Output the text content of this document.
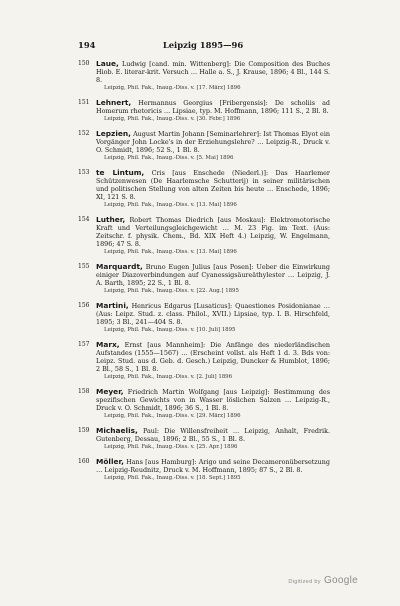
194	Leipzig 1895—96
150 Laue, Ludwig [cand. min. Wittenberg]: Die Composition des Buches Hiob. E. literar-krit. Versuch … Halle a. S., J. Krause, 1896; 4 Bl., 144 S. 8.
Leipzig, Phil. Fak., Inaug.-Diss. v. [17. März] 1896
151 Lehnert, Hermannus Georgius [Fribergensis]: De scholiis ad Homerum rhetoricis … Lipsiae, typ. M. Hoffmann, 1896; 111 S., 2 Bl. 8.
Leipzig, Phil. Fak., Inaug.-Diss. v. [30. Febr.] 1896
152 Lepzien, August Martin Johann [Seminarlehrer]: Ist Thomas Elyot ein Vorgänger John Locke's in der Erziehungslehre? … Leipzig-R., Druck v. O. Schmidt, 1896; 52 S., 1 Bl. 8.
Leipzig, Phil. Fak., Inaug.-Diss. v. [5. Mai] 1896
153 te Lintum, Cris [aus Enschede (Niederl.)]: Das Haarlemer Schützenwesen (De Haarlemsche Schutterij) in seiner militärischen und politischen Stellung von alten Zeiten bis heute … Enschede, 1896; XI, 121 S. 8.
Leipzig, Phil. Fak., Inaug.-Diss. v. [13. Mai] 1896
154 Luther, Robert Thomas Diedrich [aus Moskau]: Elektromotorische Kraft und Verteilungsgleichgewicht … M. 23 Fig. im Text. (Aus: Zeitschr. f. physik. Chem., Bd. XIX Heft 4.) Leipzig, W. Engelmann, 1896; 47 S. 8.
Leipzig, Phil. Fak., Inaug.-Diss. v. [13. Mai] 1896
155 Marquardt, Bruno Eugen Julius [aus Posen]: Ueber die Einwirkung einiger Diazoverbindungen auf Cyanessigsäureäthylester … Leipzig, J. A. Barth, 1895; 22 S., 1 Bl. 8.
Leipzig, Phil. Fak., Inaug.-Diss. v. [22. Aug.] 1895
156 Martini, Henricus Edgarus [Lusaticus]: Quaestiones Posidonianae … (Aus: Leipz. Stud. z. class. Philol., XVII.) Lipsiae, typ. I. B. Hirschfeld, 1895; 3 Bl., 241—404 S. 8.
Leipzig, Phil. Fak., Inaug.-Diss. v. [10. Juli] 1895
157 Marx, Ernst [aus Mannheim]: Die Anfänge des niederländischen Aufstandes (1555—1567) … (Erscheint vollst. als Heft 1 d. 3. Bds von: Leipz. Stud. aus d. Geb. d. Gesch.) Leipzig, Duncker & Humblot, 1896; 2 Bl., 58 S., 1 Bl. 8.
Leipzig, Phil. Fak., Inaug.-Diss. v. [2. Juli] 1896
158 Meyer, Friedrich Martin Wolfgang [aus Leipzig]: Bestimmung des spezifischen Gewichts von in Wasser löslichen Salzen … Leipzig-R., Druck v. O. Schmidt, 1896; 36 S., 1 Bl. 8.
Leipzig, Phil. Fak., Inaug.-Diss. v. [29. März] 1896
159 Michaelis, Paul: Die Willensfreiheit … Leipzig, Anhalt, Fredrik. Gutenberg, Dessau, 1896; 2 Bl., 55 S., 1 Bl. 8.
Leipzig, Phil. Fak., Inaug.-Diss. v. [25. Apr.] 1896
160 Möller, Hans [aus Hamburg]: Arigo und seine Decameronübersetzung … Leipzig-Reudnitz, Druck v. M. Hoffmann, 1895; 87 S., 2 Bl. 8.
Leipzig, Phil. Fak., Inaug.-Diss. v. [18. Sept.] 1895
Digitized by Google
